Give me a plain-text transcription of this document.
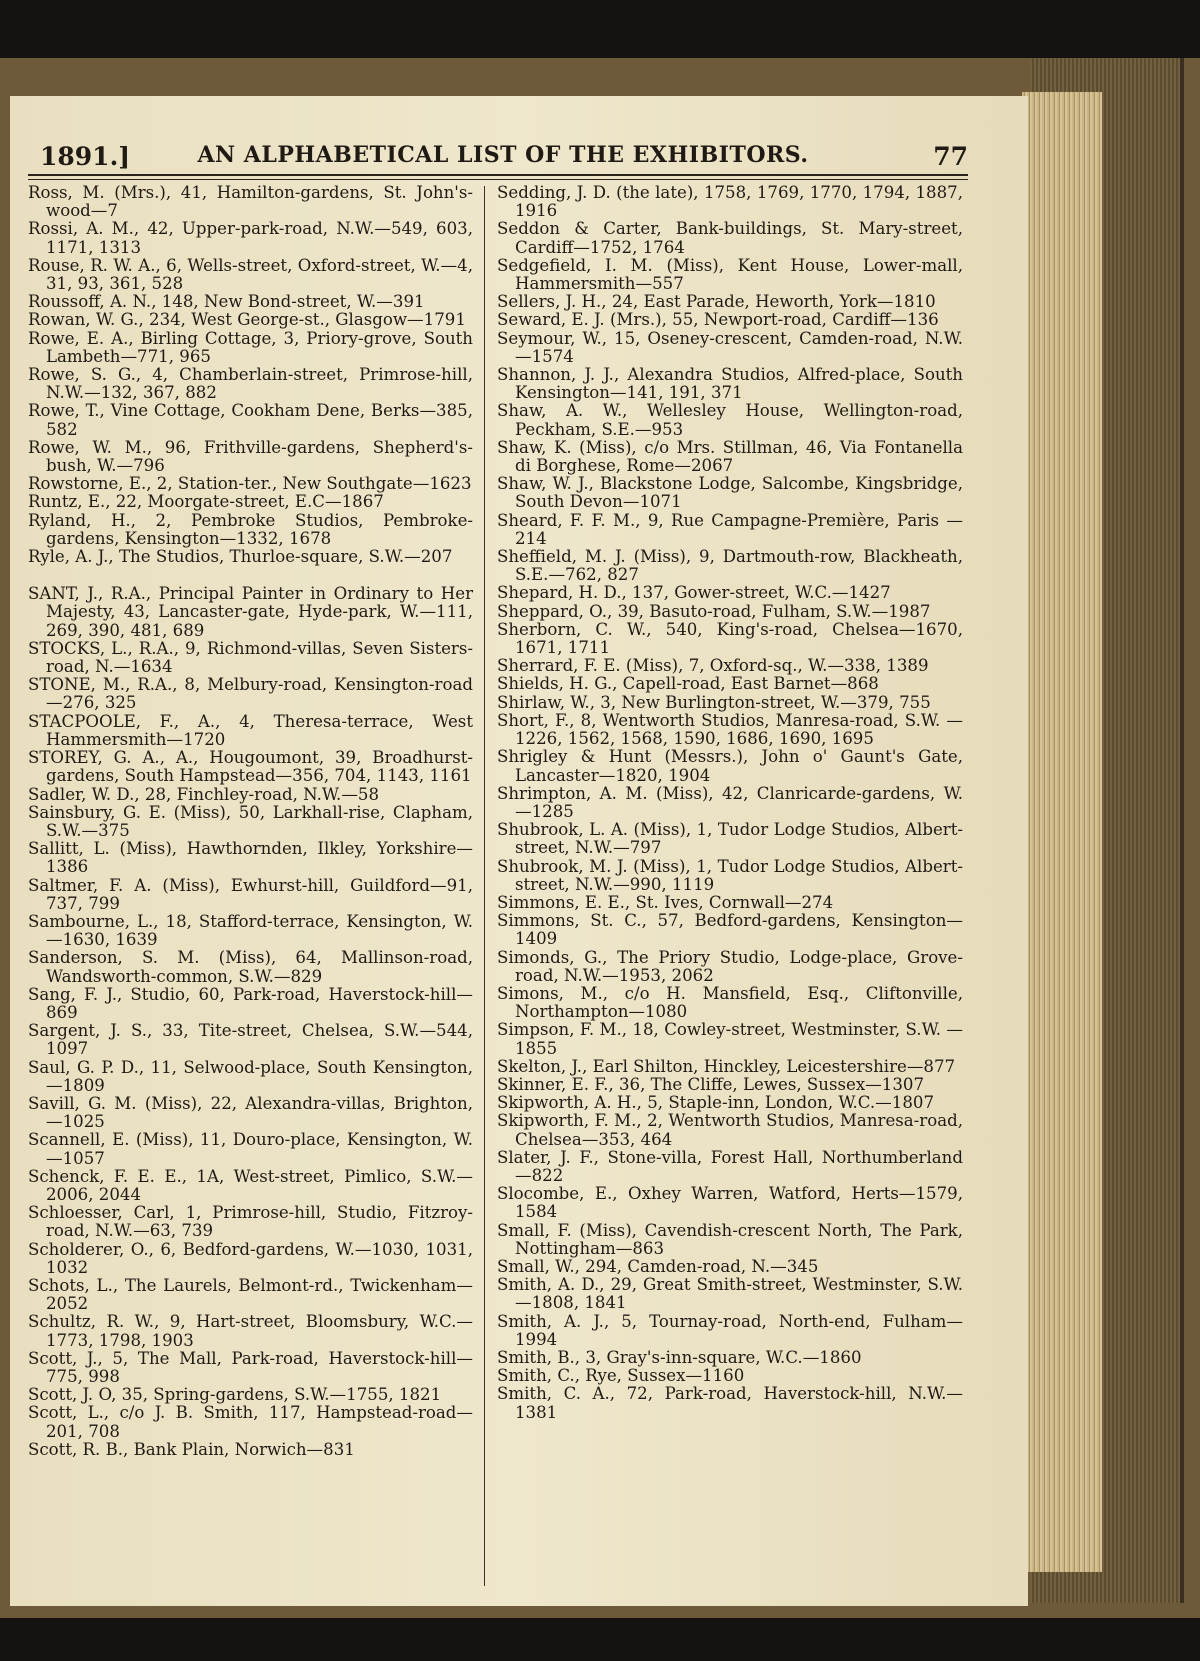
1891.]	AN ALPHABETICAL LIST OF THE EXHIBITORS.	77
Ross, M. (Mrs.), 41, Hamilton-gardens, St. John's-wood—7
Rossi, A. M., 42, Upper-park-road, N.W.—549, 603, 1171, 1313
Rouse, R. W. A., 6, Wells-street, Oxford-street, W.—4, 31, 93, 361, 528
Roussoff, A. N., 148, New Bond-street, W.—391
Rowan, W. G., 234, West George-st., Glasgow—1791
Rowe, E. A., Birling Cottage, 3, Priory-grove, South Lambeth—771, 965
Rowe, S. G., 4, Chamberlain-street, Primrose-hill, N.W.—132, 367, 882
Rowe, T., Vine Cottage, Cookham Dene, Berks—385, 582
Rowe, W. M., 96, Frithville-gardens, Shepherd's-bush, W.—796
Rowstorne, E., 2, Station-ter., New Southgate—1623
Runtz, E., 22, Moorgate-street, E.C—1867
Ryland, H., 2, Pembroke Studios, Pembroke-gardens, Kensington—1332, 1678
Ryle, A. J., The Studios, Thurloe-square, S.W.—207
SANT, J., R.A., Principal Painter in Ordinary to Her Majesty, 43, Lancaster-gate, Hyde-park, W.—111, 269, 390, 481, 689
STOCKS, L., R.A., 9, Richmond-villas, Seven Sisters-road, N.—1634
STONE, M., R.A., 8, Melbury-road, Kensington-road —276, 325
STACPOOLE, F., A., 4, Theresa-terrace, West Hammersmith—1720
STOREY, G. A., A., Hougoumont, 39, Broadhurst-gardens, South Hampstead—356, 704, 1143, 1161
Sadler, W. D., 28, Finchley-road, N.W.—58
Sainsbury, G. E. (Miss), 50, Larkhall-rise, Clapham, S.W.—375
Sallitt, L. (Miss), Hawthornden, Ilkley, Yorkshire—1386
Saltmer, F. A. (Miss), Ewhurst-hill, Guildford—91, 737, 799
Sambourne, L., 18, Stafford-terrace, Kensington, W.—1630, 1639
Sanderson, S. M. (Miss), 64, Mallinson-road, Wandsworth-common, S.W.—829
Sang, F. J., Studio, 60, Park-road, Haverstock-hill—869
Sargent, J. S., 33, Tite-street, Chelsea, S.W.—544, 1097
Saul, G. P. D., 11, Selwood-place, South Kensington, —1809
Savill, G. M. (Miss), 22, Alexandra-villas, Brighton, —1025
Scannell, E. (Miss), 11, Douro-place, Kensington, W. —1057
Schenck, F. E. E., 1A, West-street, Pimlico, S.W.—2006, 2044
Schloesser, Carl, 1, Primrose-hill, Studio, Fitzroy-road, N.W.—63, 739
Scholderer, O., 6, Bedford-gardens, W.—1030, 1031, 1032
Schots, L., The Laurels, Belmont-rd., Twickenham—2052
Schultz, R. W., 9, Hart-street, Bloomsbury, W.C.—1773, 1798, 1903
Scott, J., 5, The Mall, Park-road, Haverstock-hill—775, 998
Scott, J. O, 35, Spring-gardens, S.W.—1755, 1821
Scott, L., c/o J. B. Smith, 117, Hampstead-road—201, 708
Scott, R. B., Bank Plain, Norwich—831
Sedding, J. D. (the late), 1758, 1769, 1770, 1794, 1887, 1916
Seddon & Carter, Bank-buildings, St. Mary-street, Cardiff—1752, 1764
Sedgefield, I. M. (Miss), Kent House, Lower-mall, Hammersmith—557
Sellers, J. H., 24, East Parade, Heworth, York—1810
Seward, E. J. (Mrs.), 55, Newport-road, Cardiff—136
Seymour, W., 15, Oseney-crescent, Camden-road, N.W.—1574
Shannon, J. J., Alexandra Studios, Alfred-place, South Kensington—141, 191, 371
Shaw, A. W., Wellesley House, Wellington-road, Peckham, S.E.—953
Shaw, K. (Miss), c/o Mrs. Stillman, 46, Via Fontanella di Borghese, Rome—2067
Shaw, W. J., Blackstone Lodge, Salcombe, Kingsbridge, South Devon—1071
Sheard, F. F. M., 9, Rue Campagne-Première, Paris —214
Sheffield, M. J. (Miss), 9, Dartmouth-row, Blackheath, S.E.—762, 827
Shepard, H. D., 137, Gower-street, W.C.—1427
Sheppard, O., 39, Basuto-road, Fulham, S.W.—1987
Sherborn, C. W., 540, King's-road, Chelsea—1670, 1671, 1711
Sherrard, F. E. (Miss), 7, Oxford-sq., W.—338, 1389
Shields, H. G., Capell-road, East Barnet—868
Shirlaw, W., 3, New Burlington-street, W.—379, 755
Short, F., 8, Wentworth Studios, Manresa-road, S.W. —1226, 1562, 1568, 1590, 1686, 1690, 1695
Shrigley & Hunt (Messrs.), John o' Gaunt's Gate, Lancaster—1820, 1904
Shrimpton, A. M. (Miss), 42, Clanricarde-gardens, W. —1285
Shubrook, L. A. (Miss), 1, Tudor Lodge Studios, Albert-street, N.W.—797
Shubrook, M. J. (Miss), 1, Tudor Lodge Studios, Albert-street, N.W.—990, 1119
Simmons, E. E., St. Ives, Cornwall—274
Simmons, St. C., 57, Bedford-gardens, Kensington—1409
Simonds, G., The Priory Studio, Lodge-place, Grove-road, N.W.—1953, 2062
Simons, M., c/o H. Mansfield, Esq., Cliftonville, Northampton—1080
Simpson, F. M., 18, Cowley-street, Westminster, S.W. —1855
Skelton, J., Earl Shilton, Hinckley, Leicestershire—877
Skinner, E. F., 36, The Cliffe, Lewes, Sussex—1307
Skipworth, A. H., 5, Staple-inn, London, W.C.—1807
Skipworth, F. M., 2, Wentworth Studios, Manresa-road, Chelsea—353, 464
Slater, J. F., Stone-villa, Forest Hall, Northumberland —822
Slocombe, E., Oxhey Warren, Watford, Herts—1579, 1584
Small, F. (Miss), Cavendish-crescent North, The Park, Nottingham—863
Small, W., 294, Camden-road, N.—345
Smith, A. D., 29, Great Smith-street, Westminster, S.W.—1808, 1841
Smith, A. J., 5, Tournay-road, North-end, Fulham—1994
Smith, B., 3, Gray's-inn-square, W.C.—1860
Smith, C., Rye, Sussex—1160
Smith, C. A., 72, Park-road, Haverstock-hill, N.W.—1381
